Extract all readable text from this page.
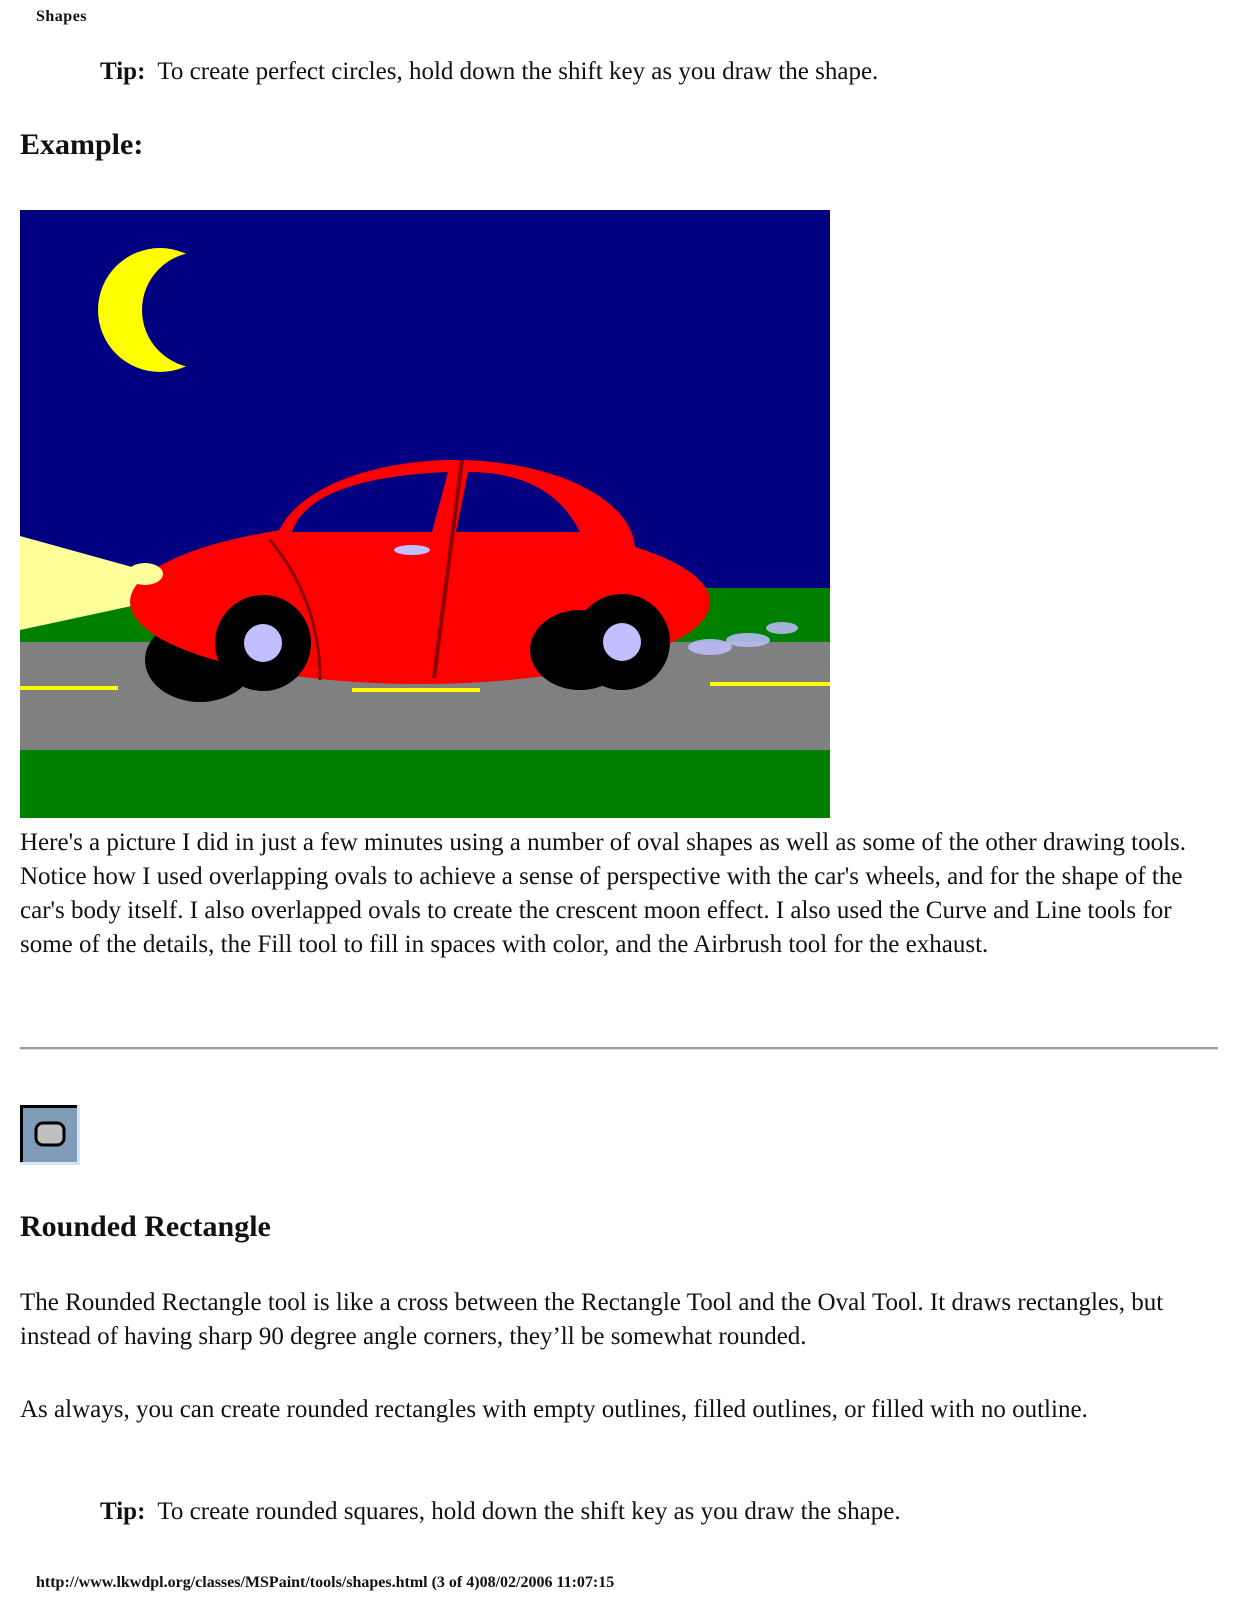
Shapes
Tip: To create perfect circles, hold down the shift key as you draw the shape.
Example:

Here's a picture I did in just a few minutes using a number of oval shapes as well as some of the other drawing tools. Notice how I used overlapping ovals to achieve a sense of perspective with the car's wheels, and for the shape of the car's body itself. I also overlapped ovals to create the crescent moon effect. I also used the Curve and Line tools for some of the details, the Fill tool to fill in spaces with color, and the Airbrush tool for the exhaust.

Rounded Rectangle

The Rounded Rectangle tool is like a cross between the Rectangle Tool and the Oval Tool. It draws rectangles, but instead of having sharp 90 degree angle corners, they’ll be somewhat rounded.

As always, you can create rounded rectangles with empty outlines, filled outlines, or filled with no outline.

Tip: To create rounded squares, hold down the shift key as you draw the shape.
http://www.lkwdpl.org/classes/MSPaint/tools/shapes.html (3 of 4)08/02/2006 11:07:15
